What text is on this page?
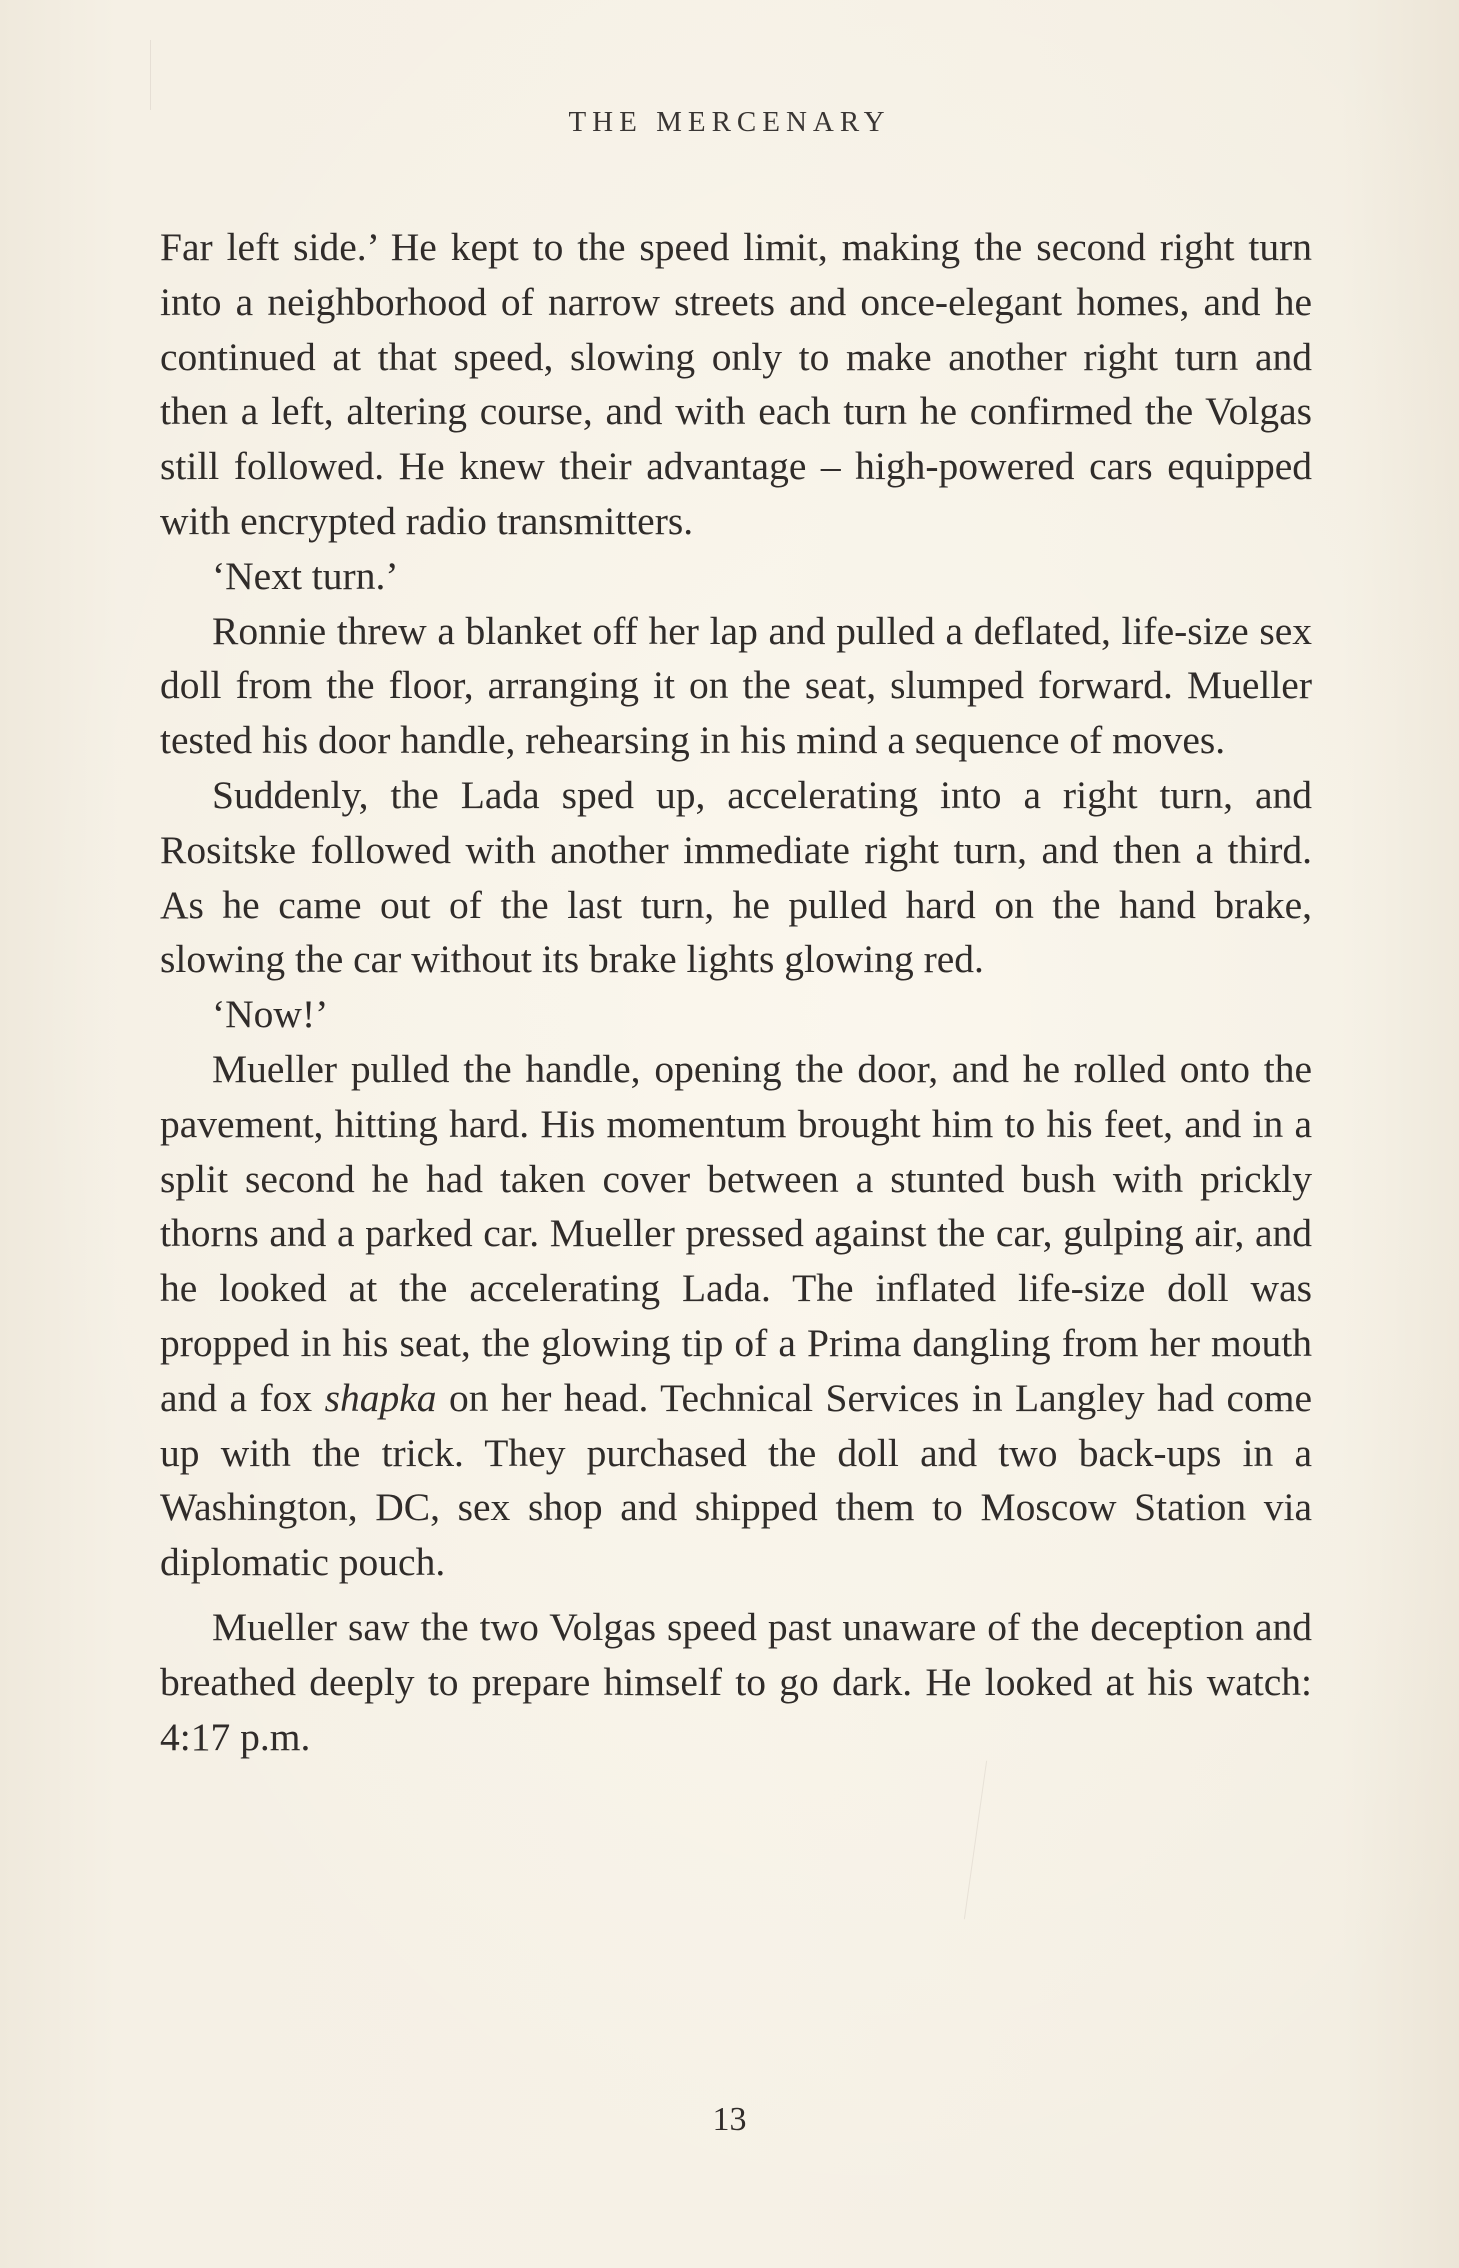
THE MERCENARY

Far left side.’ He kept to the speed limit, making the second right turn into a neighborhood of narrow streets and once-elegant homes, and he continued at that speed, slowing only to make another right turn and then a left, altering course, and with each turn he confirmed the Volgas still followed. He knew their advantage – high-powered cars equipped with encrypted radio transmitters.

‘Next turn.’

Ronnie threw a blanket off her lap and pulled a deflated, life-size sex doll from the floor, arranging it on the seat, slumped forward. Mueller tested his door handle, rehearsing in his mind a sequence of moves.

Suddenly, the Lada sped up, accelerating into a right turn, and Rositske followed with another immediate right turn, and then a third. As he came out of the last turn, he pulled hard on the hand brake, slowing the car without its brake lights glowing red.

‘Now!’

Mueller pulled the handle, opening the door, and he rolled onto the pavement, hitting hard. His momentum brought him to his feet, and in a split second he had taken cover between a stunted bush with prickly thorns and a parked car. Mueller pressed against the car, gulping air, and he looked at the accelerating Lada. The inflated life-size doll was propped in his seat, the glowing tip of a Prima dangling from her mouth and a fox shapka on her head. Technical Services in Langley had come up with the trick. They purchased the doll and two back-ups in a Washington, DC, sex shop and shipped them to Moscow Station via diplomatic pouch.

Mueller saw the two Volgas speed past unaware of the deception and breathed deeply to prepare himself to go dark. He looked at his watch: 4:17 p.m.

13
